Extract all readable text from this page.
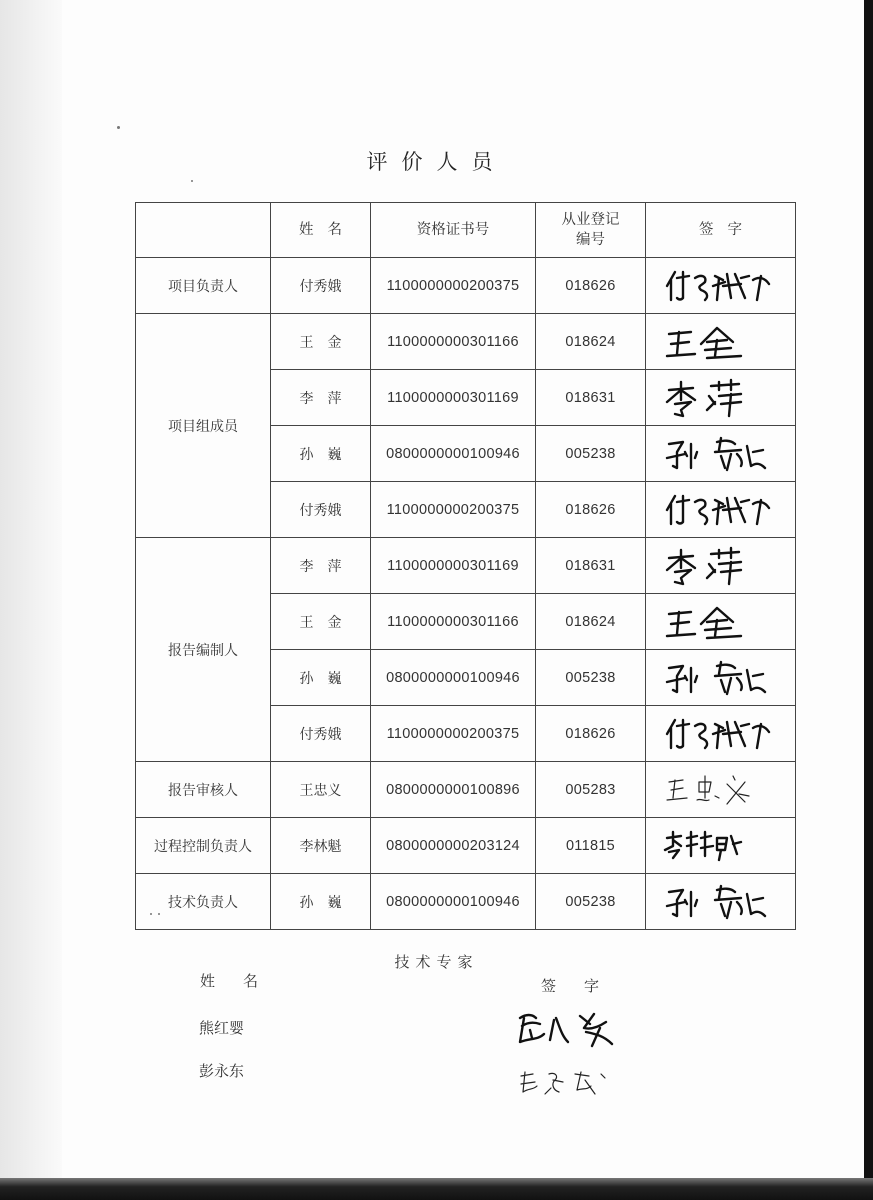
评价人员
	姓名	资格证书号	从业登记编号	签字
项目负责人	付秀娥	1100000000200375	018626	

项目组成员	王金	1100000000301166	018624	

	李萍	1100000000301169	018631	

	孙巍	0800000000100946	005238	

	付秀娥	1100000000200375	018626	

报告编制人	李萍	1100000000301169	018631	

	王金	1100000000301166	018624	

	孙巍	0800000000100946	005238	

	付秀娥	1100000000200375	018626	

报告审核人	王忠义	0800000000100896	005283	

过程控制负责人	李林魁	0800000000203124	011815	

技术负责人	孙巍	0800000000100946	005238	
技术专家
姓名	签字
熊红婴
彭永东
